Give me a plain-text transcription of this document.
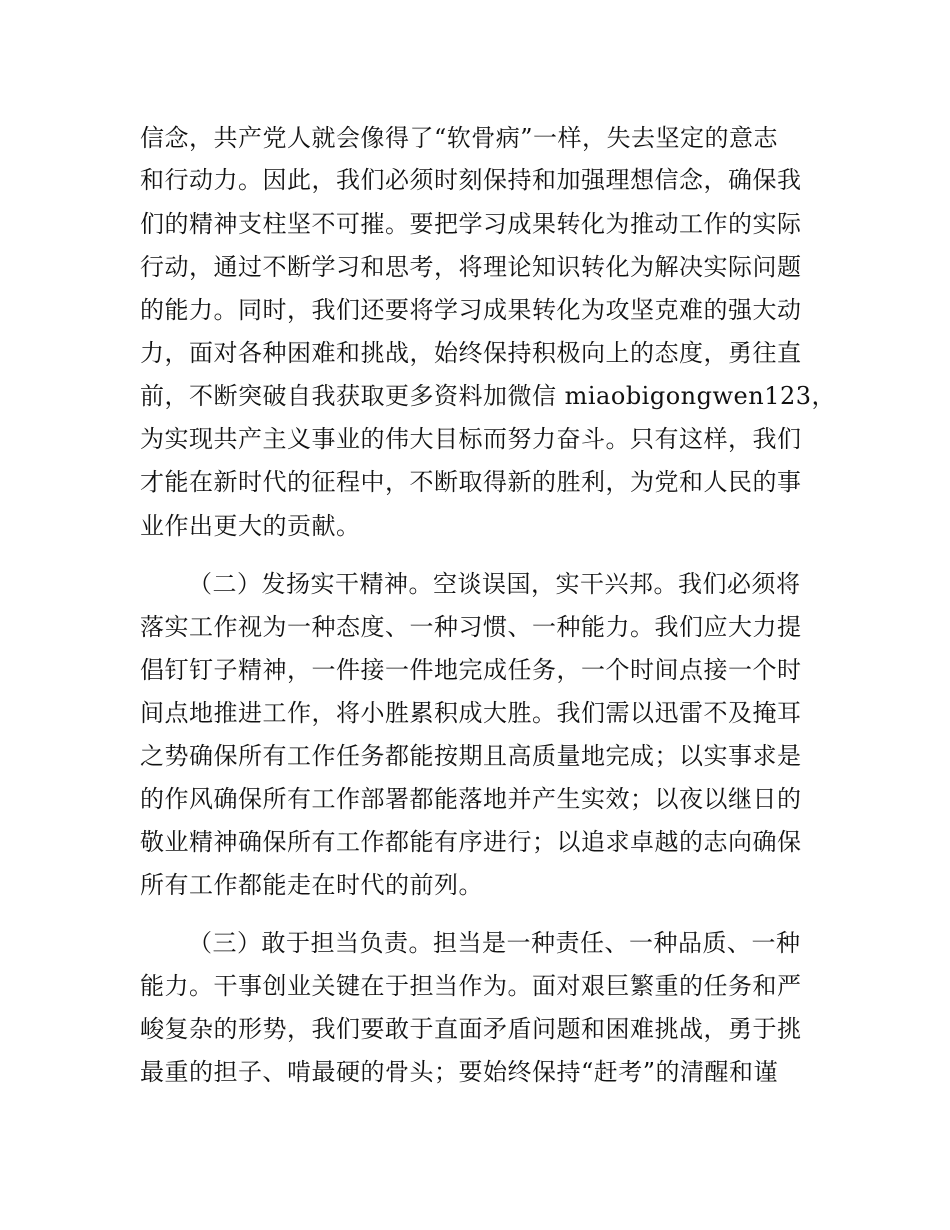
信念，共产党人就会像得了“软骨病”一样，失去坚定的意志
和行动力。因此，我们必须时刻保持和加强理想信念，确保我
们的精神支柱坚不可摧。要把学习成果转化为推动工作的实际
行动，通过不断学习和思考，将理论知识转化为解决实际问题
的能力。同时，我们还要将学习成果转化为攻坚克难的强大动
力，面对各种困难和挑战，始终保持积极向上的态度，勇往直
前，不断突破自我获取更多资料加微信 miaobigongwen123，
为实现共产主义事业的伟大目标而努力奋斗。只有这样，我们
才能在新时代的征程中，不断取得新的胜利，为党和人民的事
业作出更大的贡献。
（二）发扬实干精神。空谈误国，实干兴邦。我们必须将
落实工作视为一种态度、一种习惯、一种能力。我们应大力提
倡钉钉子精神，一件接一件地完成任务，一个时间点接一个时
间点地推进工作，将小胜累积成大胜。我们需以迅雷不及掩耳
之势确保所有工作任务都能按期且高质量地完成；以实事求是
的作风确保所有工作部署都能落地并产生实效；以夜以继日的
敬业精神确保所有工作都能有序进行；以追求卓越的志向确保
所有工作都能走在时代的前列。
（三）敢于担当负责。担当是一种责任、一种品质、一种
能力。干事创业关键在于担当作为。面对艰巨繁重的任务和严
峻复杂的形势，我们要敢于直面矛盾问题和困难挑战，勇于挑
最重的担子、啃最硬的骨头；要始终保持“赶考”的清醒和谨
